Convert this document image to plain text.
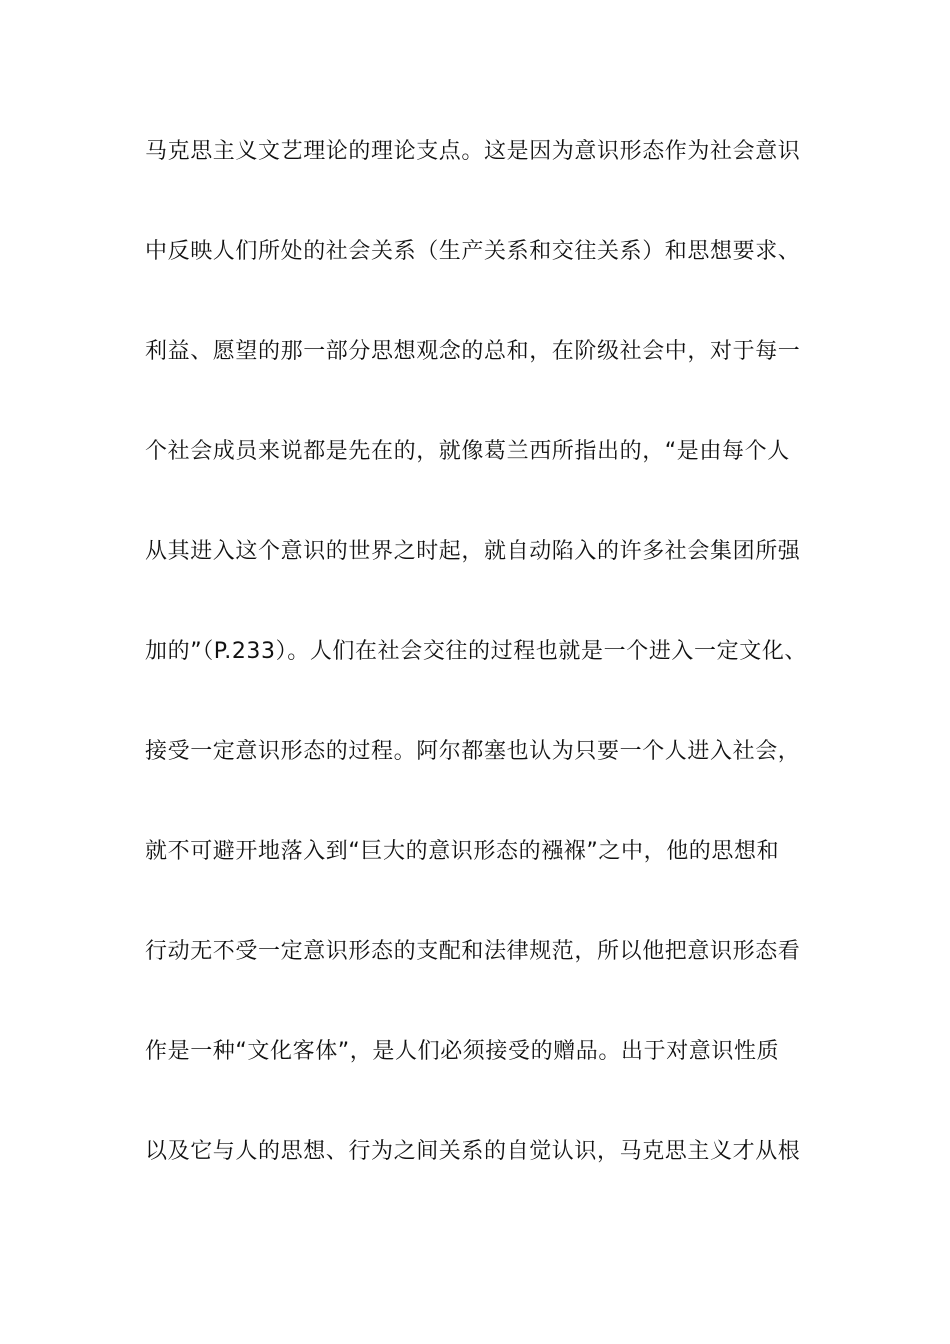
马克思主义文艺理论的理论支点。这是因为意识形态作为社会意识
中反映人们所处的社会关系（生产关系和交往关系）和思想要求、
利益、愿望的那一部分思想观念的总和，在阶级社会中，对于每一
个社会成员来说都是先在的，就像葛兰西所指出的，“是由每个人
从其进入这个意识的世界之时起，就自动陷入的许多社会集团所强
加的”（P.233）。人们在社会交往的过程也就是一个进入一定文化、
接受一定意识形态的过程。阿尔都塞也认为只要一个人进入社会，
就不可避开地落入到“巨大的意识形态的襁褓”之中，他的思想和
行动无不受一定意识形态的支配和法律规范，所以他把意识形态看
作是一种“文化客体”，是人们必须接受的赠品。出于对意识性质
以及它与人的思想、行为之间关系的自觉认识，马克思主义才从根
